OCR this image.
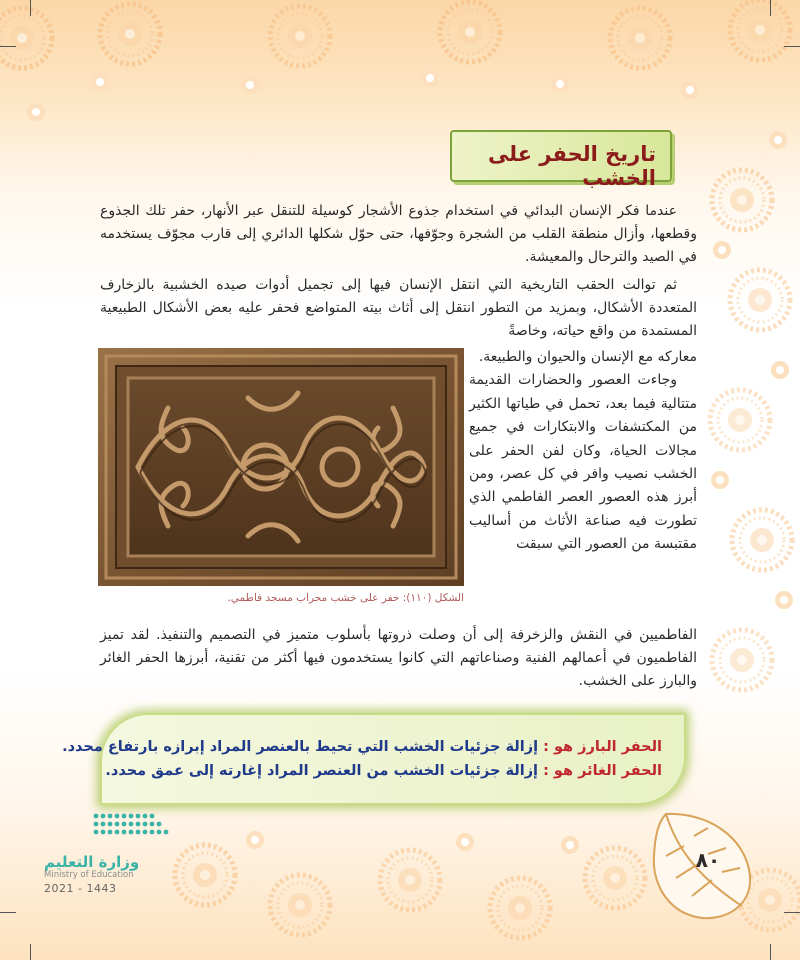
تاريخ الحفر على الخشب
عندما فكر الإنسان البدائي في استخدام جذوع الأشجار كوسيلة للتنقل عبر الأنهار، حفر تلك الجذوع وقطعها، وأزال منطقة القلب من الشجرة وجوّفها، حتى حوّل شكلها الدائري إلى قارب مجوّف يستخدمه في الصيد والترحال والمعيشة.
ثم توالت الحقب التاريخية التي انتقل الإنسان فيها إلى تجميل أدوات صيده الخشبية بالزخارف المتعددة الأشكال، وبمزيد من التطور انتقل إلى أثاث بيته المتواضع فحفر عليه بعض الأشكال الطبيعية المستمدة من واقع حياته، وخاصةً
معاركه مع الإنسان والحيوان والطبيعة.
وجاءت العصور والحضارات القديمة متتالية فيما بعد، تحمل في طياتها الكثير من المكتشفات والابتكارات في جميع مجالات الحياة، وكان لفن الحفر على الخشب نصيب وافر في كل عصر، ومن أبرز هذه العصور العصر الفاطمي الذي تطورت فيه صناعة الأثاث من أساليب مقتبسة من العصور التي سبقت
الفاطميين في النقش والزخرفة إلى أن وصلت ذروتها بأسلوب متميز في التصميم والتنفيذ. لقد تميز الفاطميون في أعمالهم الفنية وصناعاتهم التي كانوا يستخدمون فيها أكثر من تقنية، أبرزها الحفر الغائر والبارز على الخشب.
الشكل (١١٠): حفر على خشب محراب مسجد فاطمي.
الحفر البارز هو : إزالة جزئيات الخشب التي تحيط بالعنصر المراد إبرازه بارتفاع محدد.
الحفر الغائر هو : إزالة جزئيات الخشب من العنصر المراد إغارته إلى عمق محدد.
٨٠
وزارة التعليم
Ministry of Education
2021 - 1443
